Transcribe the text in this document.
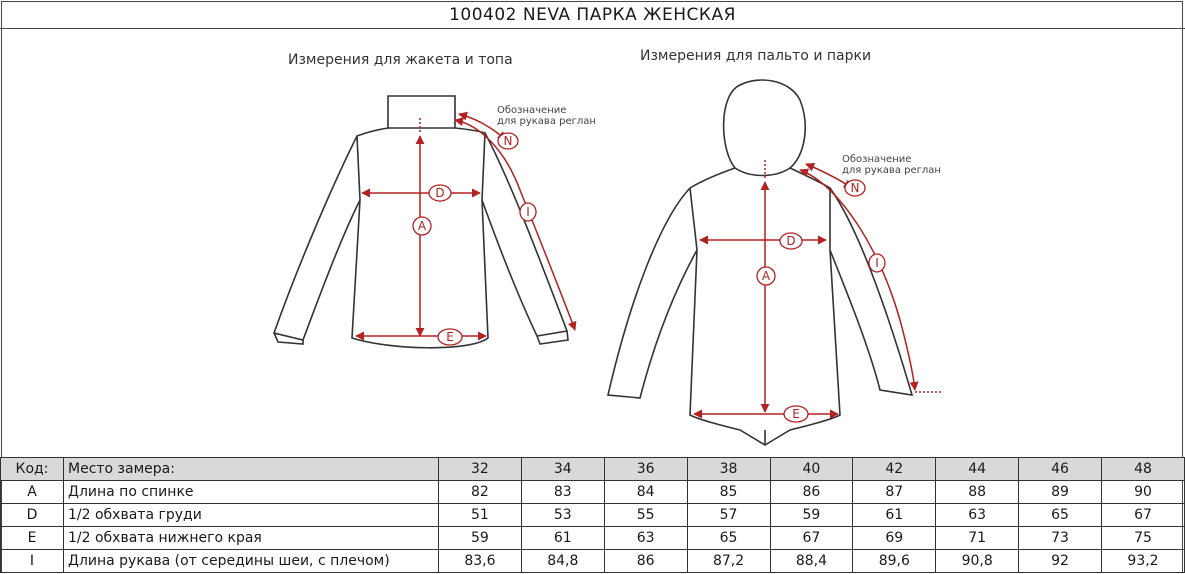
100402 NEVA ПАРКА ЖЕНСКАЯ
Измерения для жакета и топа	Измерения для пальто и парки
Обозначение
для рукава реглан
Обозначение
для рукава реглан
D
A
E
N
I
D
A
E
N
I
Код:	Место замера:	32	34	36	38	40	42	44	46	48
A	Длина по спинке	82	83	84	85	86	87	88	89	90
D	1/2 обхвата груди	51	53	55	57	59	61	63	65	67
E	1/2 обхвата нижнего края	59	61	63	65	67	69	71	73	75
I	Длина рукава (от середины шеи, с плечом)	83,6	84,8	86	87,2	88,4	89,6	90,8	92	93,2
